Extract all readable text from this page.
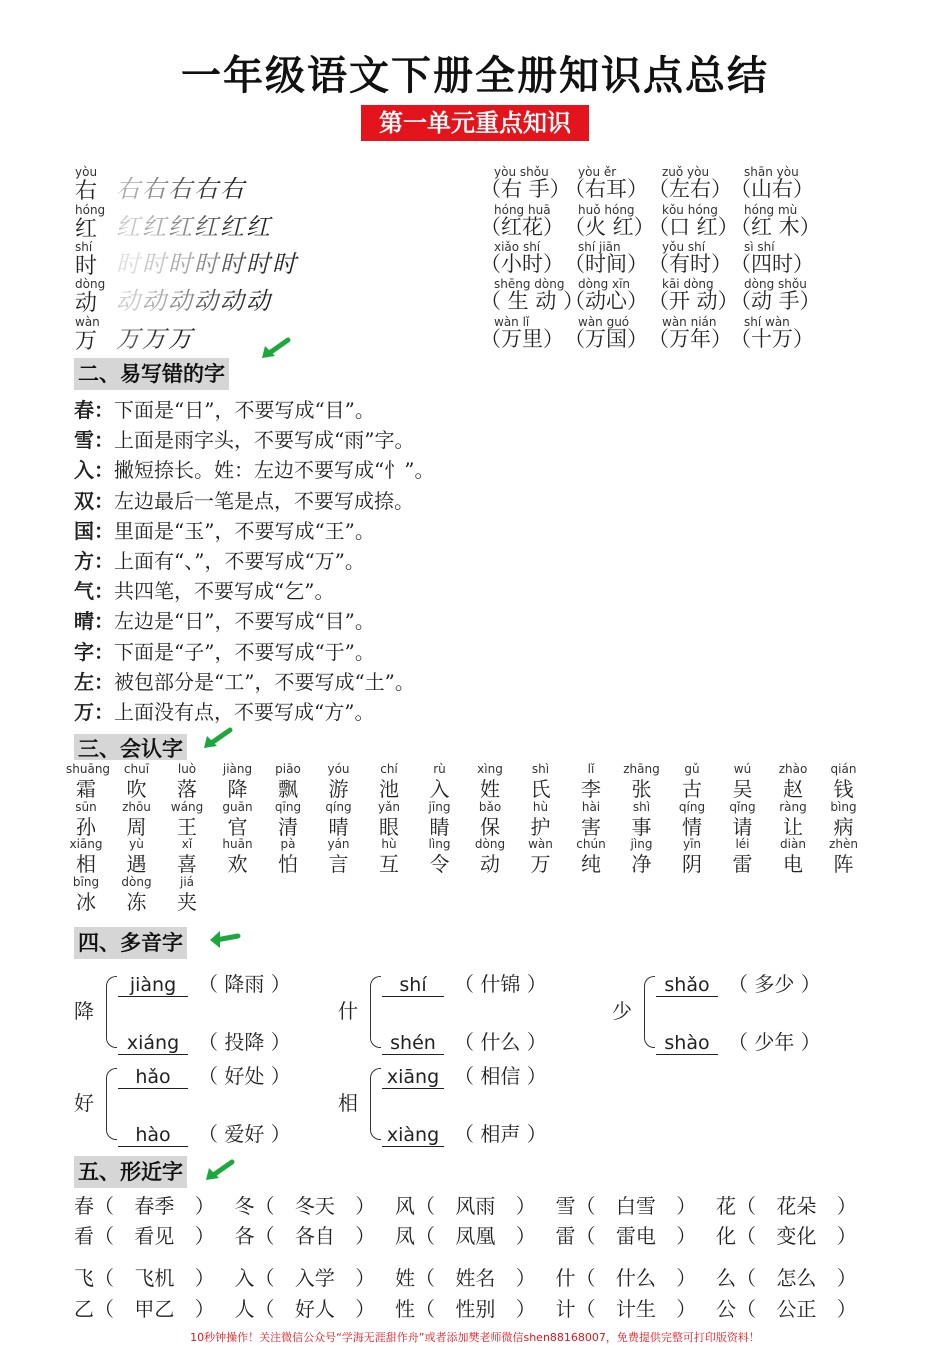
一年级语文下册全册知识点总结
第一单元重点知识
yòu
右 右右右右右
hóng
红 红红红红红红
shí
时 时时时时时时时
dòng
动 动动动动动动
wàn
万 万万万
yòu shǒu
（右 手）
yòu ěr
（右耳）
zuǒ yòu
（左右）
shān yòu
（山右）
hóng huā
（红花）
huǒ hóng
（火 红）
kǒu hóng
（口 红）
hóng mù
（红 木）
xiǎo shí
（小时）
shí jiān
（时间）
yǒu shí
（有时）
sì shí
（四时）
shēng dòng
（ 生 动 ）
dòng xīn
（动心）
kāi dòng
（开 动）
dòng shǒu
（动 手）
wàn lǐ
（万里）
wàn guó
（万国）
wàn nián
（万年）
shí wàn
（十万）
二、易写错的字
春：下面是“日”，不要写成“目”。
雪：上面是雨字头，不要写成“雨”字。
入：撇短捺长。姓：左边不要写成“忄”。
双：左边最后一笔是点，不要写成捺。
国：里面是“玉”，不要写成“王”。
方：上面有“、”，不要写成“万”。
气：共四笔，不要写成“乞”。
晴：左边是“日”，不要写成“目”。
字：下面是“子”，不要写成“于”。
左：被包部分是“工”，不要写成“土”。
万：上面没有点，不要写成“方”。
三、会认字
shuāng
霜
chuī
吹
luò
落
jiàng
降
piāo
飘
yóu
游
chí
池
rù
入
xìng
姓
shì
氏
lǐ
李
zhāng
张
gǔ
古
wú
吴
zhào
赵
qián
钱
sūn
孙
zhōu
周
wáng
王
guān
官
qīng
清
qíng
晴
yǎn
眼
jīng
睛
bǎo
保
hù
护
hài
害
shì
事
qíng
情
qǐng
请
ràng
让
bìng
病
xiāng
相
yù
遇
xǐ
喜
huān
欢
pà
怕
yán
言
hù
互
lìng
令
dòng
动
wàn
万
chún
纯
jìng
净
yīn
阴
léi
雷
diàn
电
zhèn
阵
bīng
冰
dòng
冻
jiá
夹
四、多音字
降
jiàng （ 降雨 ）
xiáng （ 投降 ）
什
shí （ 什锦 ）
shén （ 什么 ）
少
shǎo （ 多少 ）
shào （ 少年 ）
好
hǎo （ 好处 ）
hào （ 爱好 ）
相
xiāng （ 相信 ）
xiàng （ 相声 ）
五、形近字
春（ 春季 ） 冬（ 冬天 ） 风（ 风雨 ） 雪（ 白雪 ） 花（ 花朵 ）
看（ 看见 ） 各（ 各自 ） 凤（ 凤凰 ） 雷（ 雷电 ） 化（ 变化 ）
飞（ 飞机 ） 入（ 入学 ） 姓（ 姓名 ） 什（ 什么 ） 么（ 怎么 ）
乙（ 甲乙 ） 人（ 好人 ） 性（ 性别 ） 计（ 计生 ） 公（ 公正 ）
10秒钟操作！关注微信公众号“学海无涯甜作舟”或者添加樊老师微信shen88168007，免费提供完整可打印版资料！
